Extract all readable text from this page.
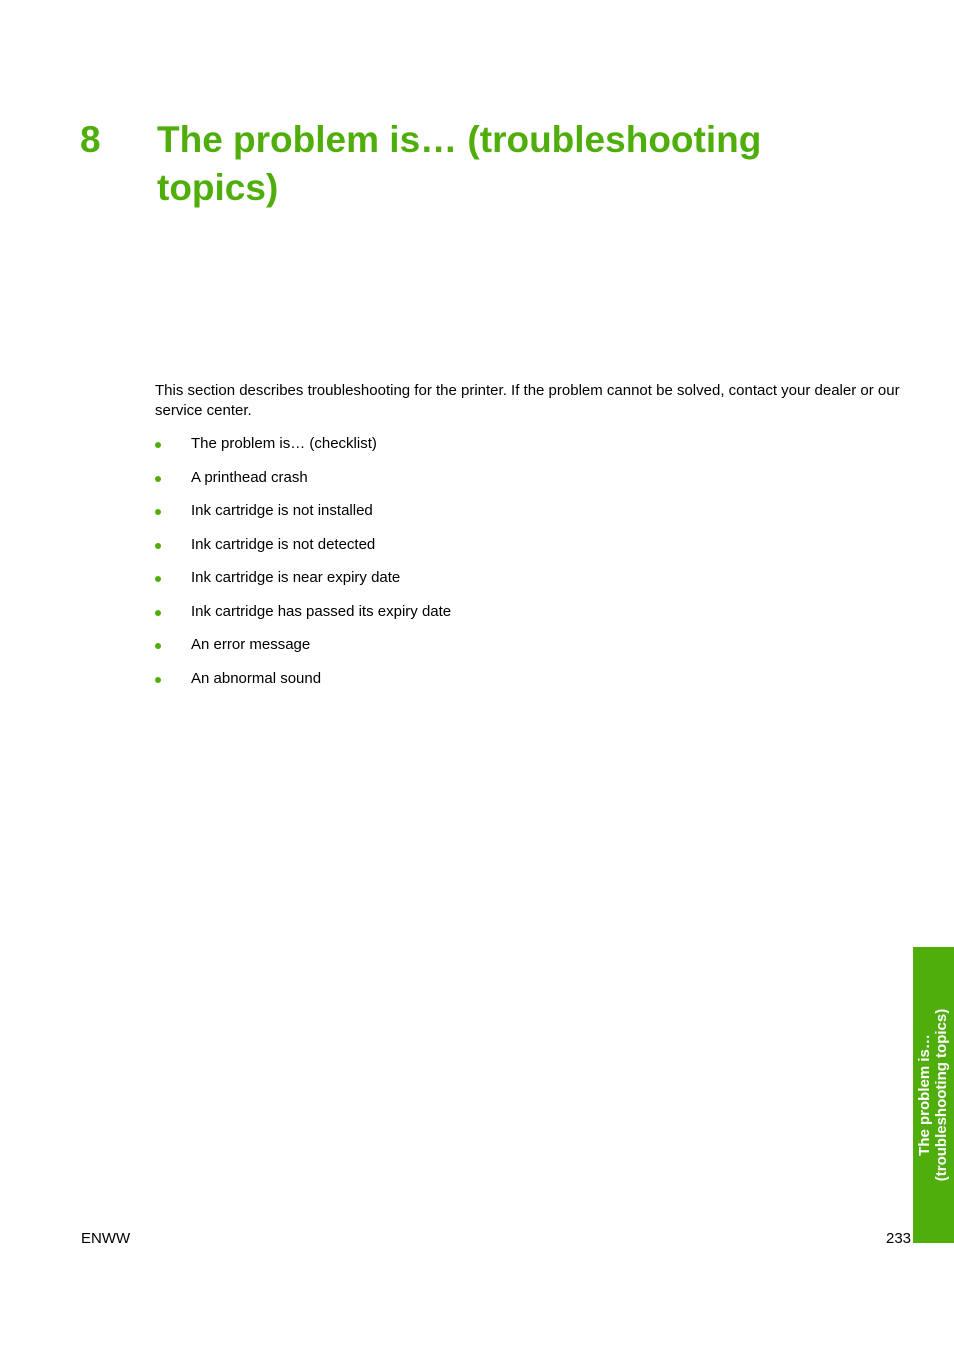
8 The problem is… (troubleshooting topics)
This section describes troubleshooting for the printer. If the problem cannot be solved, contact your dealer or our service center.
The problem is… (checklist)
A printhead crash
Ink cartridge is not installed
Ink cartridge is not detected
Ink cartridge is near expiry date
Ink cartridge has passed its expiry date
An error message
An abnormal sound
The problem is… (troubleshooting topics)
ENWW	233
